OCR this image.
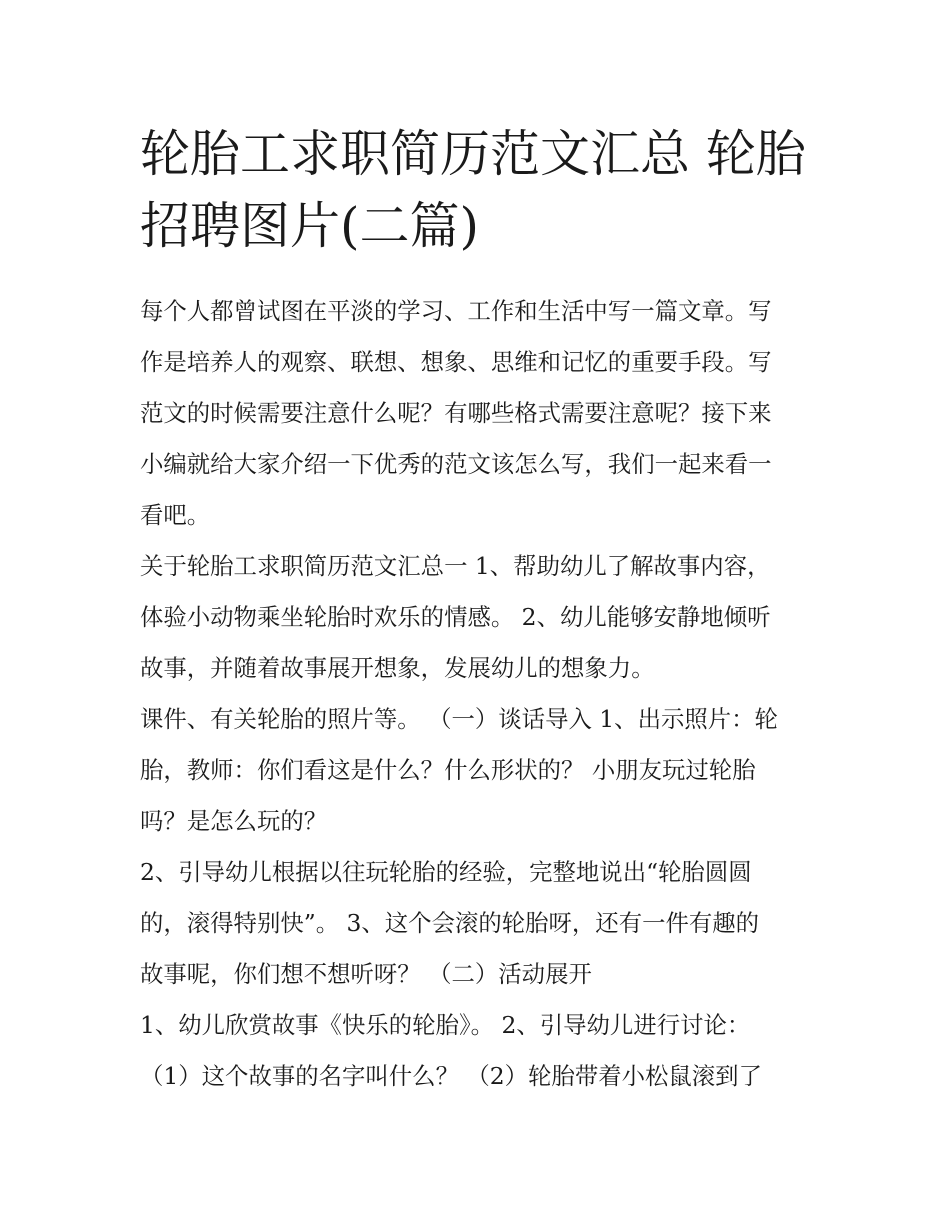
轮胎工求职简历范文汇总 轮胎
招聘图片(二篇)

每个人都曾试图在平淡的学习、工作和生活中写一篇文章。写
作是培养人的观察、联想、想象、思维和记忆的重要手段。写
范文的时候需要注意什么呢？有哪些格式需要注意呢？接下来
小编就给大家介绍一下优秀的范文该怎么写，我们一起来看一
看吧。

关于轮胎工求职简历范文汇总一 1、帮助幼儿了解故事内容，
体验小动物乘坐轮胎时欢乐的情感。 2、幼儿能够安静地倾听
故事，并随着故事展开想象，发展幼儿的想象力。

课件、有关轮胎的照片等。 （一）谈话导入 1、出示照片：轮
胎，教师：你们看这是什么？什么形状的？ 小朋友玩过轮胎
吗？是怎么玩的？

2、引导幼儿根据以往玩轮胎的经验，完整地说出“轮胎圆圆
的，滚得特别快”。 3、这个会滚的轮胎呀，还有一件有趣的
故事呢，你们想不想听呀？ （二）活动展开

1、幼儿欣赏故事《快乐的轮胎》。 2、引导幼儿进行讨论：
（1）这个故事的名字叫什么？ （2）轮胎带着小松鼠滚到了
